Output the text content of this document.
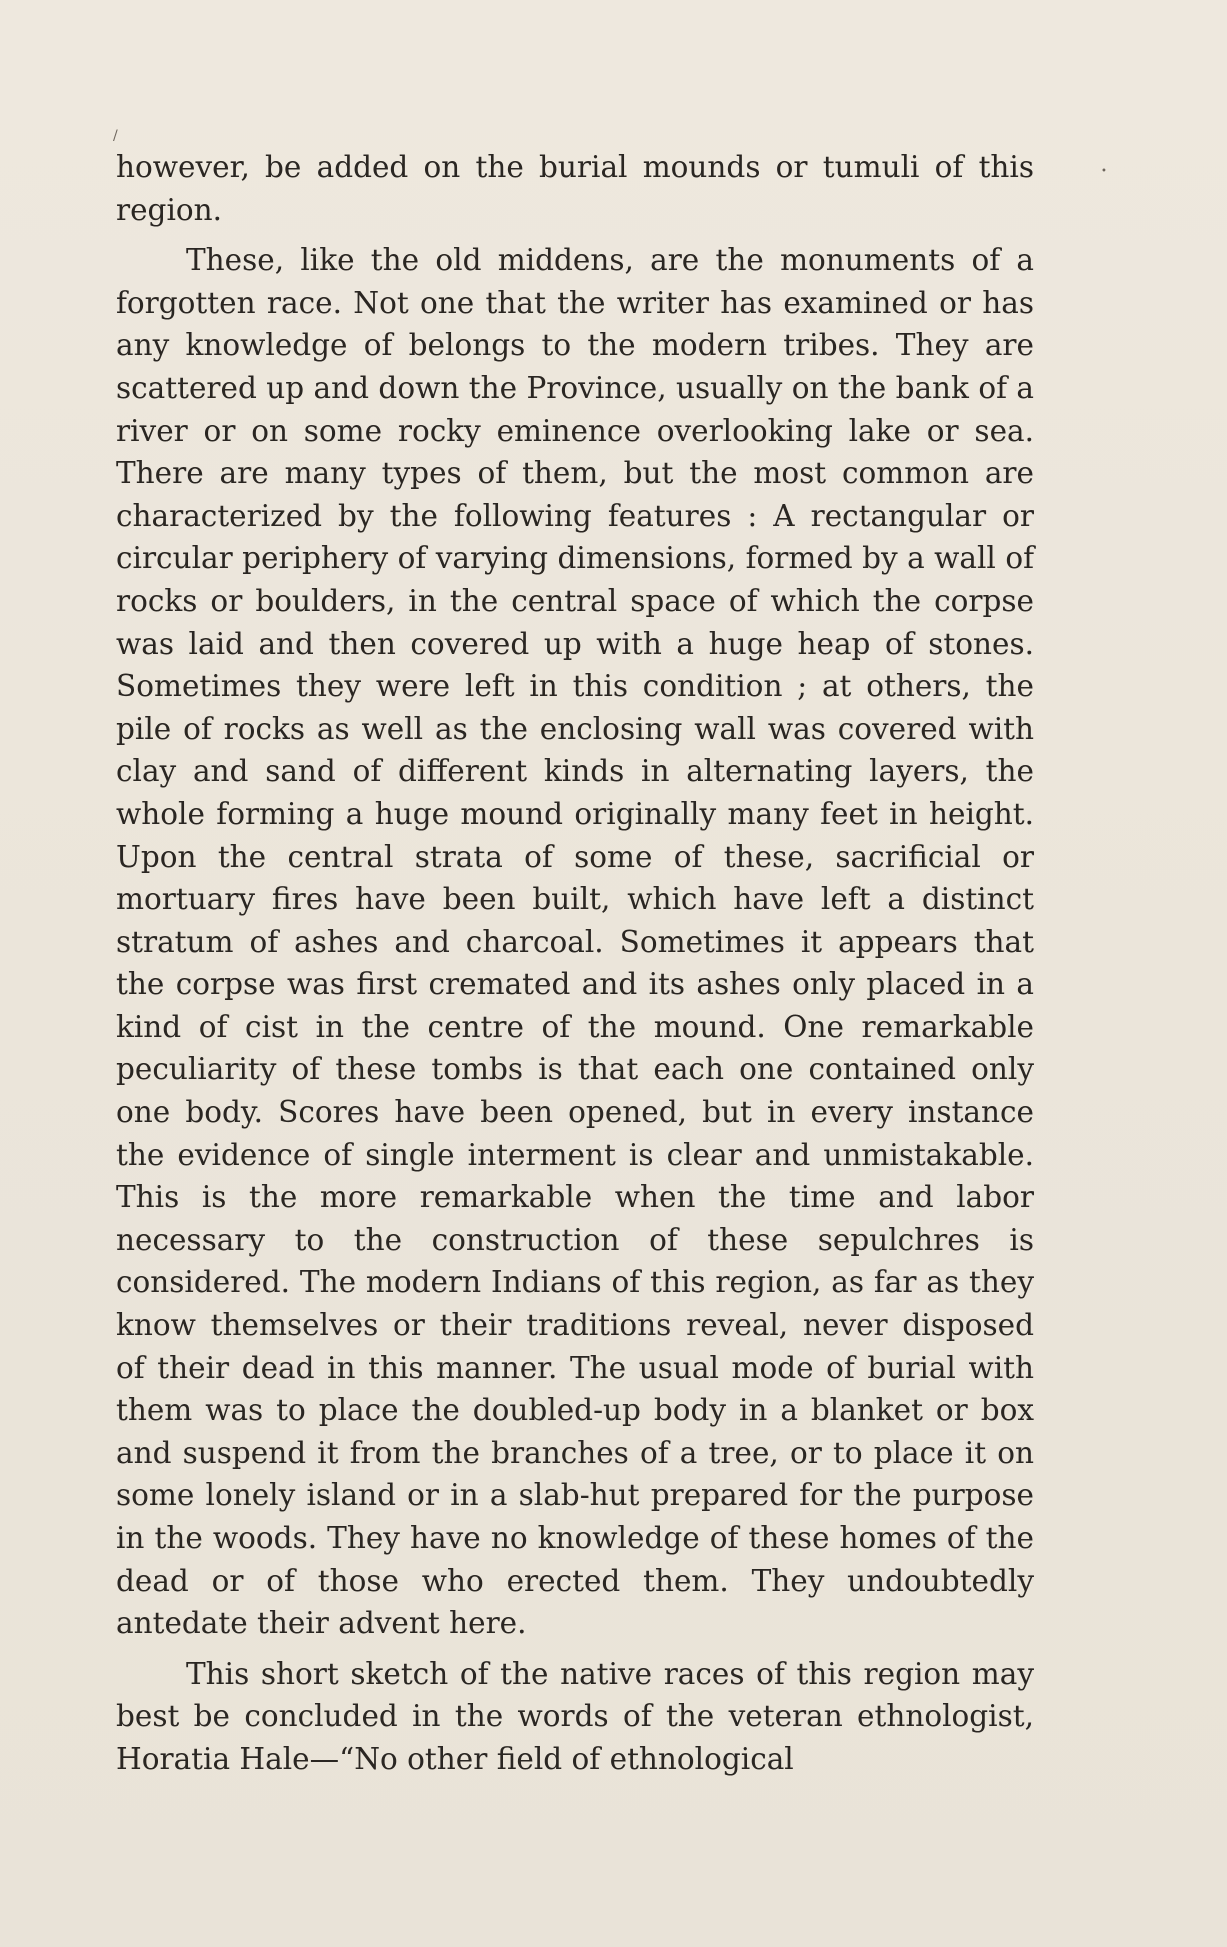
/
•

however, be added on the burial mounds or tumuli of this region.

These, like the old middens, are the monuments of a forgotten race. Not one that the writer has examined or has any knowledge of belongs to the modern tribes. They are scattered up and down the Province, usually on the bank of a river or on some rocky eminence overlooking lake or sea. There are many types of them, but the most common are characterized by the following features : A rectangular or circular periphery of varying dimensions, formed by a wall of rocks or boulders, in the central space of which the corpse was laid and then covered up with a huge heap of stones. Sometimes they were left in this condition ; at others, the pile of rocks as well as the enclosing wall was covered with clay and sand of different kinds in alternating layers, the whole forming a huge mound originally many feet in height. Upon the central strata of some of these, sacrificial or mortuary fires have been built, which have left a distinct stratum of ashes and charcoal. Sometimes it appears that the corpse was first cremated and its ashes only placed in a kind of cist in the centre of the mound. One remarkable peculiarity of these tombs is that each one contained only one body. Scores have been opened, but in every instance the evidence of single interment is clear and unmistakable. This is the more remarkable when the time and labor necessary to the construction of these sepulchres is considered. The modern Indians of this region, as far as they know themselves or their traditions reveal, never disposed of their dead in this manner. The usual mode of burial with them was to place the doubled-up body in a blanket or box and suspend it from the branches of a tree, or to place it on some lonely island or in a slab-hut prepared for the purpose in the woods. They have no knowledge of these homes of the dead or of those who erected them. They undoubtedly antedate their advent here.

This short sketch of the native races of this region may best be concluded in the words of the veteran ethnologist, Horatia Hale—“No other field of ethnological
